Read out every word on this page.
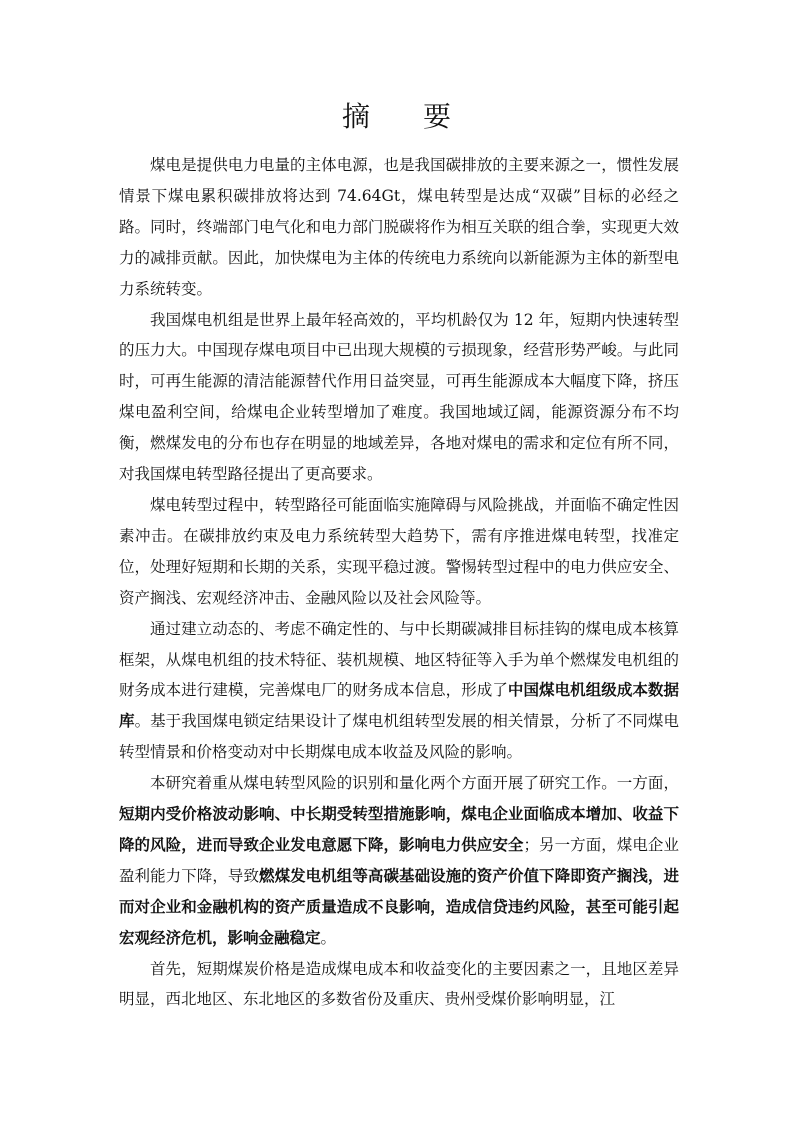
摘 要

煤电是提供电力电量的主体电源，也是我国碳排放的主要来源之一，惯性发展情景下煤电累积碳排放将达到 74.64Gt，煤电转型是达成“双碳”目标的必经之路。同时，终端部门电气化和电力部门脱碳将作为相互关联的组合拳，实现更大效力的减排贡献。因此，加快煤电为主体的传统电力系统向以新能源为主体的新型电力系统转变。

我国煤电机组是世界上最年轻高效的，平均机龄仅为 12 年，短期内快速转型的压力大。中国现存煤电项目中已出现大规模的亏损现象，经营形势严峻。与此同时，可再生能源的清洁能源替代作用日益突显，可再生能源成本大幅度下降，挤压煤电盈利空间，给煤电企业转型增加了难度。我国地域辽阔，能源资源分布不均衡，燃煤发电的分布也存在明显的地域差异，各地对煤电的需求和定位有所不同，对我国煤电转型路径提出了更高要求。

煤电转型过程中，转型路径可能面临实施障碍与风险挑战，并面临不确定性因素冲击。在碳排放约束及电力系统转型大趋势下，需有序推进煤电转型，找准定位，处理好短期和长期的关系，实现平稳过渡。警惕转型过程中的电力供应安全、资产搁浅、宏观经济冲击、金融风险以及社会风险等。

通过建立动态的、考虑不确定性的、与中长期碳减排目标挂钩的煤电成本核算框架，从煤电机组的技术特征、装机规模、地区特征等入手为单个燃煤发电机组的财务成本进行建模，完善煤电厂的财务成本信息，形成了中国煤电机组级成本数据库。基于我国煤电锁定结果设计了煤电机组转型发展的相关情景，分析了不同煤电转型情景和价格变动对中长期煤电成本收益及风险的影响。

本研究着重从煤电转型风险的识别和量化两个方面开展了研究工作。一方面，短期内受价格波动影响、中长期受转型措施影响，煤电企业面临成本增加、收益下降的风险，进而导致企业发电意愿下降，影响电力供应安全；另一方面，煤电企业盈利能力下降，导致燃煤发电机组等高碳基础设施的资产价值下降即资产搁浅，进而对企业和金融机构的资产质量造成不良影响，造成信贷违约风险，甚至可能引起宏观经济危机，影响金融稳定。

首先，短期煤炭价格是造成煤电成本和收益变化的主要因素之一，且地区差异明显，西北地区、东北地区的多数省份及重庆、贵州受煤价影响明显，江
